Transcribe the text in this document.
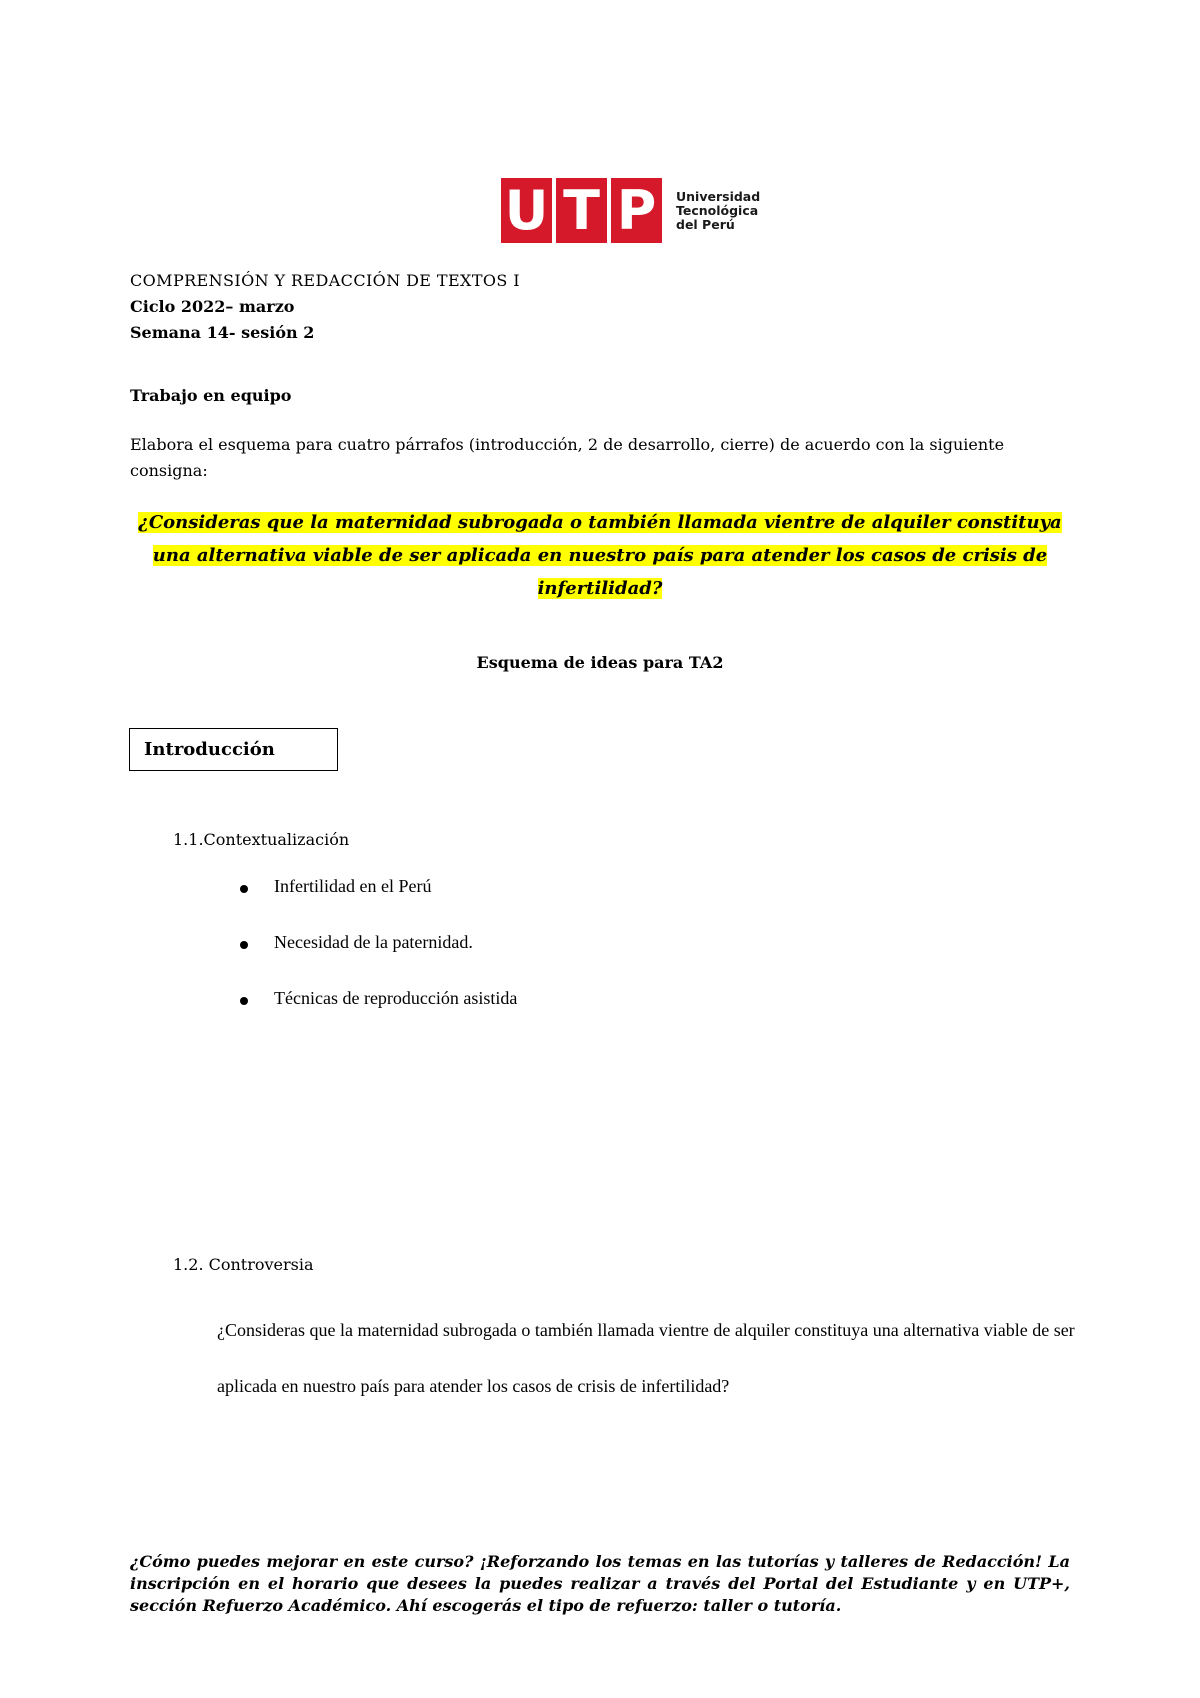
U T P	Universidad
Tecnológica
del Perú
COMPRENSIÓN Y REDACCIÓN DE TEXTOS I
Ciclo 2022– marzo
Semana 14- sesión 2
Trabajo en equipo
Elabora el esquema para cuatro párrafos (introducción, 2 de desarrollo, cierre) de acuerdo con la siguiente consigna:
¿Consideras que la maternidad subrogada o también llamada vientre de alquiler constituya una alternativa viable de ser aplicada en nuestro país para atender los casos de crisis de infertilidad?
Esquema de ideas para TA2
Introducción
1.1.Contextualización
Infertilidad en el Perú
Necesidad de la paternidad.
Técnicas de reproducción asistida
1.2. Controversia
¿Consideras que la maternidad subrogada o también llamada vientre de alquiler constituya una alternativa viable de ser aplicada en nuestro país para atender los casos de crisis de infertilidad?
¿Cómo puedes mejorar en este curso? ¡Reforzando los temas en las tutorías y talleres de Redacción! La inscripción en el horario que desees la puedes realizar a través del Portal del Estudiante y en UTP+, sección Refuerzo Académico. Ahí escogerás el tipo de refuerzo: taller o tutoría.
